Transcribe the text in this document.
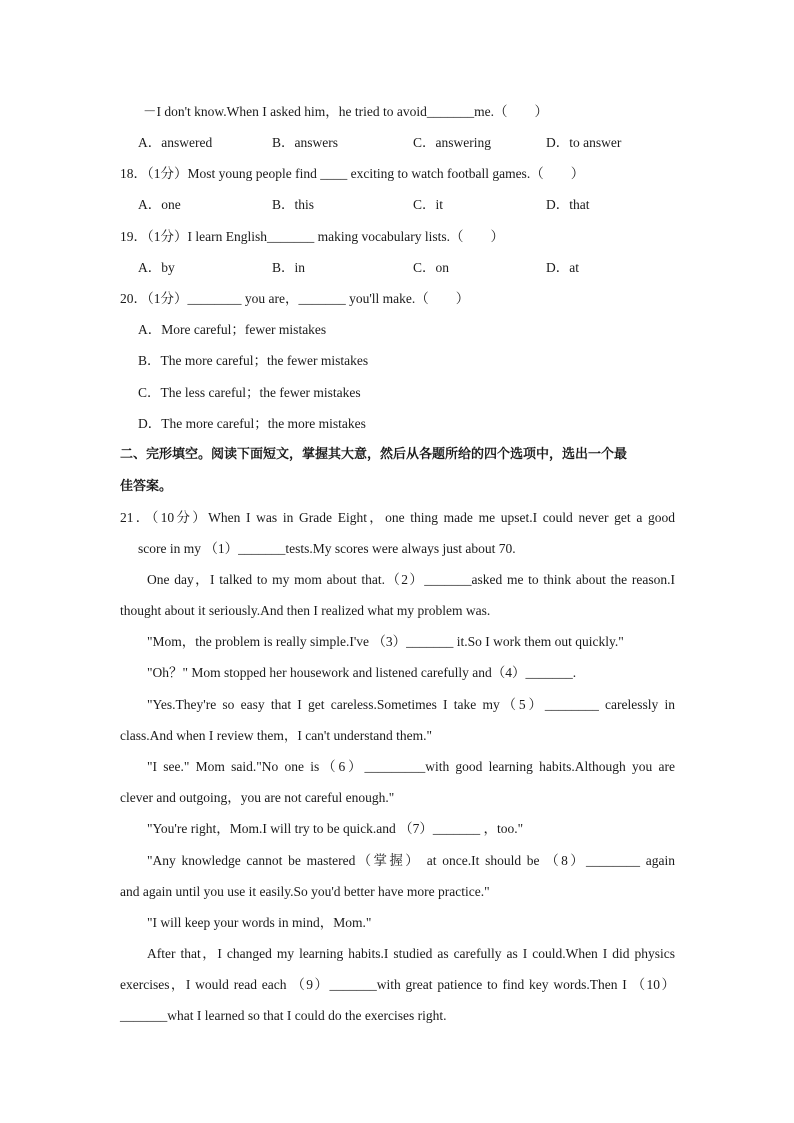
－I don't know.When I asked him，he tried to avoid_______me.（　　）
A．answered	B．answers	C．answering	D．to answer
18．（1分）Most young people find ____ exciting to watch football games.（　　）
A．one	B．this	C．it	D．that
19．（1分）I learn English_______ making vocabulary lists.（　　）
A．by	B．in	C．on	D．at
20．（1分）________ you are，_______ you'll make.（　　）
A．More careful；fewer mistakes
B．The more careful；the fewer mistakes
C．The less careful；the fewer mistakes
D．The more careful；the more mistakes
二、完形填空。阅读下面短文，掌握其大意，然后从各题所给的四个选项中，选出一个最
佳答案。
21．（10分）When I was in Grade Eight，one thing made me upset.I could never get a good
score in my （1）_______tests.My scores were always just about 70.
One day，I talked to my mom about that.（2）_______asked me to think about the reason.I
thought about it seriously.And then I realized what my problem was.
"Mom，the problem is really simple.I've （3）_______ it.So I work them out quickly."
"Oh？" Mom stopped her housework and listened carefully and（4）_______.
"Yes.They're so easy that I get careless.Sometimes I take my（5）________ carelessly in
class.And when I review them，I can't understand them."
"I see." Mom said."No one is（6）_________with good learning habits.Although you are
clever and outgoing，you are not careful enough."
"You're right，Mom.I will try to be quick.and （7）_______ ，too."
"Any knowledge cannot be mastered（掌握） at once.It should be （8）________ again
and again until you use it easily.So you'd better have more practice."
"I will keep your words in mind，Mom."
After that，I changed my learning habits.I studied as carefully as I could.When I did physics
exercises，I would read each （9）_______with great patience to find key words.Then I （10）
_______what I learned so that I could do the exercises right.
